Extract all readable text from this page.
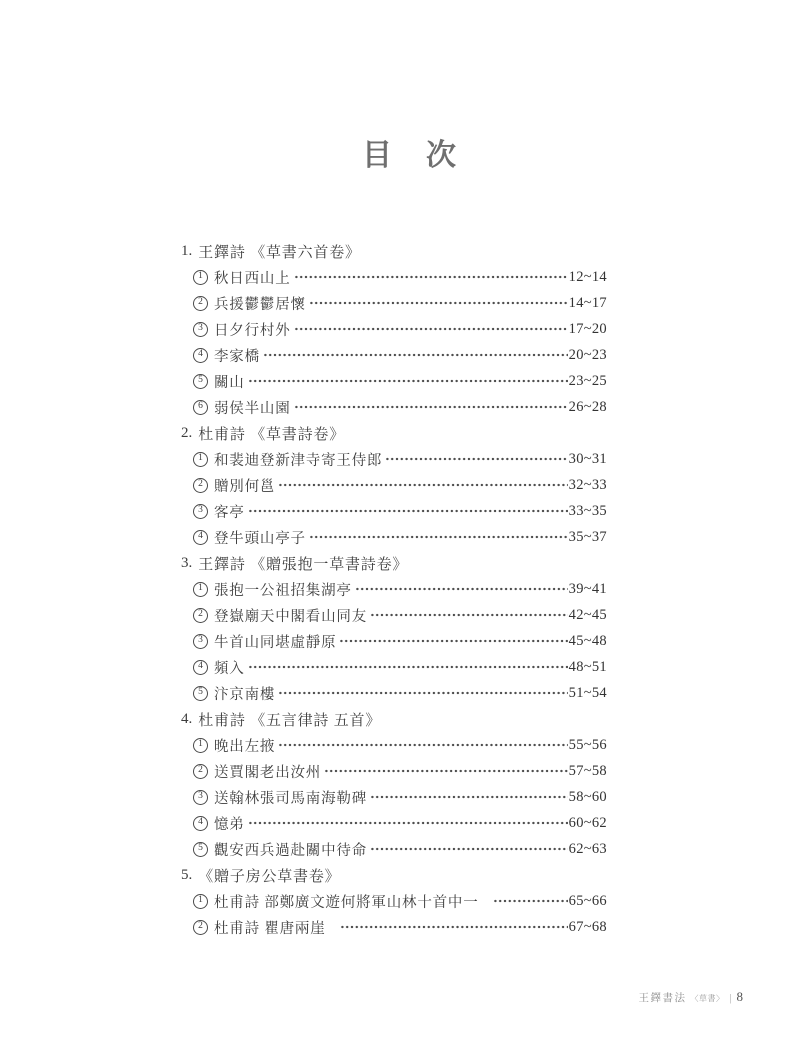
目　次
1. 王鐸詩 《草書六首卷》
1 秋日西山上	12~14
2 兵援鬱鬱居懷	14~17
3 日夕行村外	17~20
4 李家橋	20~23
5 關山	23~25
6 弱侯半山園	26~28
2. 杜甫詩 《草書詩卷》
1 和裴迪登新津寺寄王侍郎	30~31
2 贈別何邕	32~33
3 客亭	33~35
4 登牛頭山亭子	35~37
3. 王鐸詩 《贈張抱一草書詩卷》
1 張抱一公祖招集湖亭	39~41
2 登嶽廟天中閣看山同友	42~45
3 牛首山同堪虛靜原	45~48
4 頻入	48~51
5 汴京南樓	51~54
4. 杜甫詩 《五言律詩 五首》
1 晚出左掖	55~56
2 送賈閣老出汝州	57~58
3 送翰林張司馬南海勒碑	58~60
4 憶弟	60~62
5 觀安西兵過赴關中待命	62~63
5. 《贈子房公草書卷》
1 杜甫詩 部鄭廣文遊何將軍山林十首中一	65~66
2 杜甫詩 瞿唐兩崖	67~68
王鐸書法 〈草書〉 | 8
